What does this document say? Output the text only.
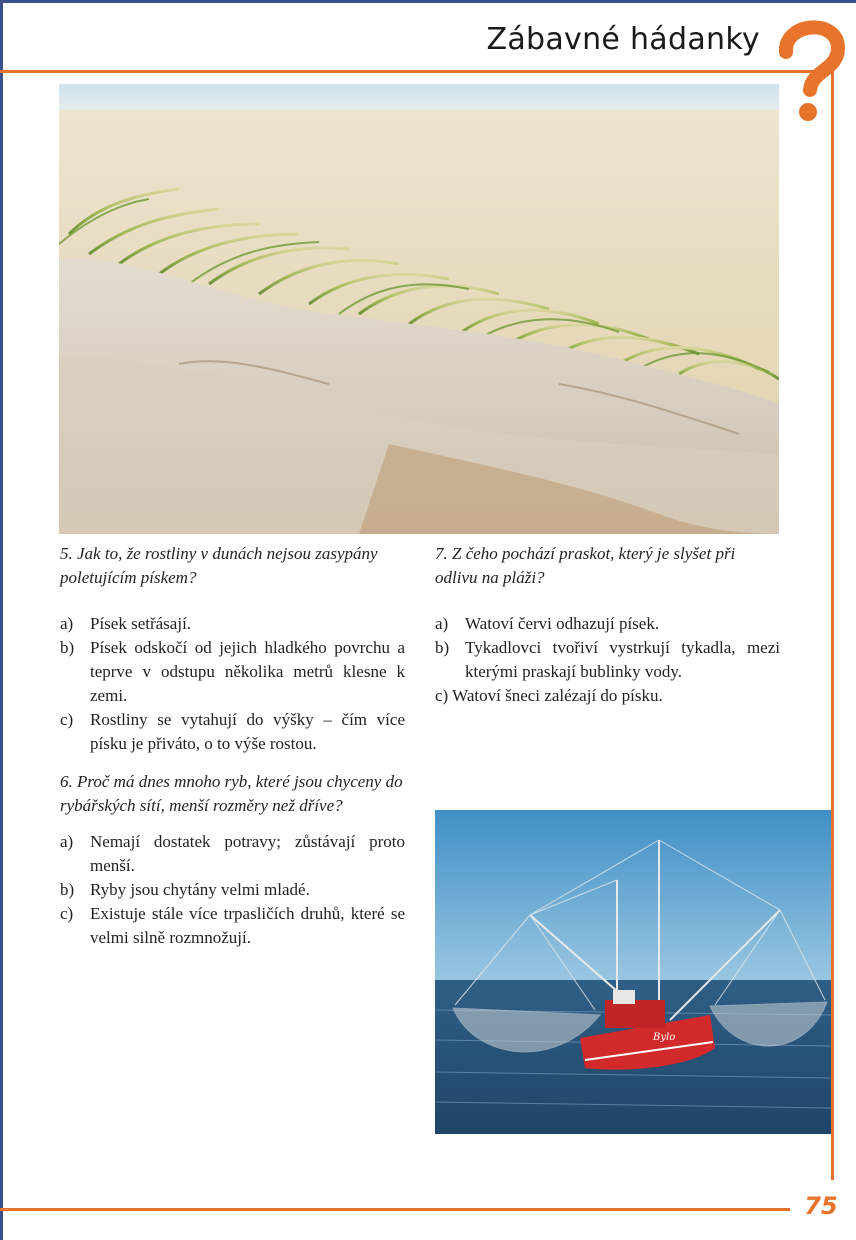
Zábavné hádanky

5. Jak to, že rostliny v dunách nejsou zasypány poletujícím pískem?

a) Písek setřásají.
b) Písek odskočí od jejich hladkého povrchu a teprve v odstupu několika metrů klesne k zemi.
c) Rostliny se vytahují do výšky – čím více písku je přiváto, o to výše rostou.

6. Proč má dnes mnoho ryb, které jsou chyceny do rybářských sítí, menší rozměry než dříve?

a) Nemají dostatek potravy; zůstávají proto menší.
b) Ryby jsou chytány velmi mladé.
c) Existuje stále více trpasličích druhů, které se velmi silně rozmnožují.

7. Z čeho pochází praskot, který je slyšet při odlivu na pláži?

a) Watoví červi odhazují písek.
b) Tykadlovci tvořiví vystrkují tykadla, mezi kterými praskají bublinky vody.
c) Watoví šneci zalézají do písku.
Bylo
75
